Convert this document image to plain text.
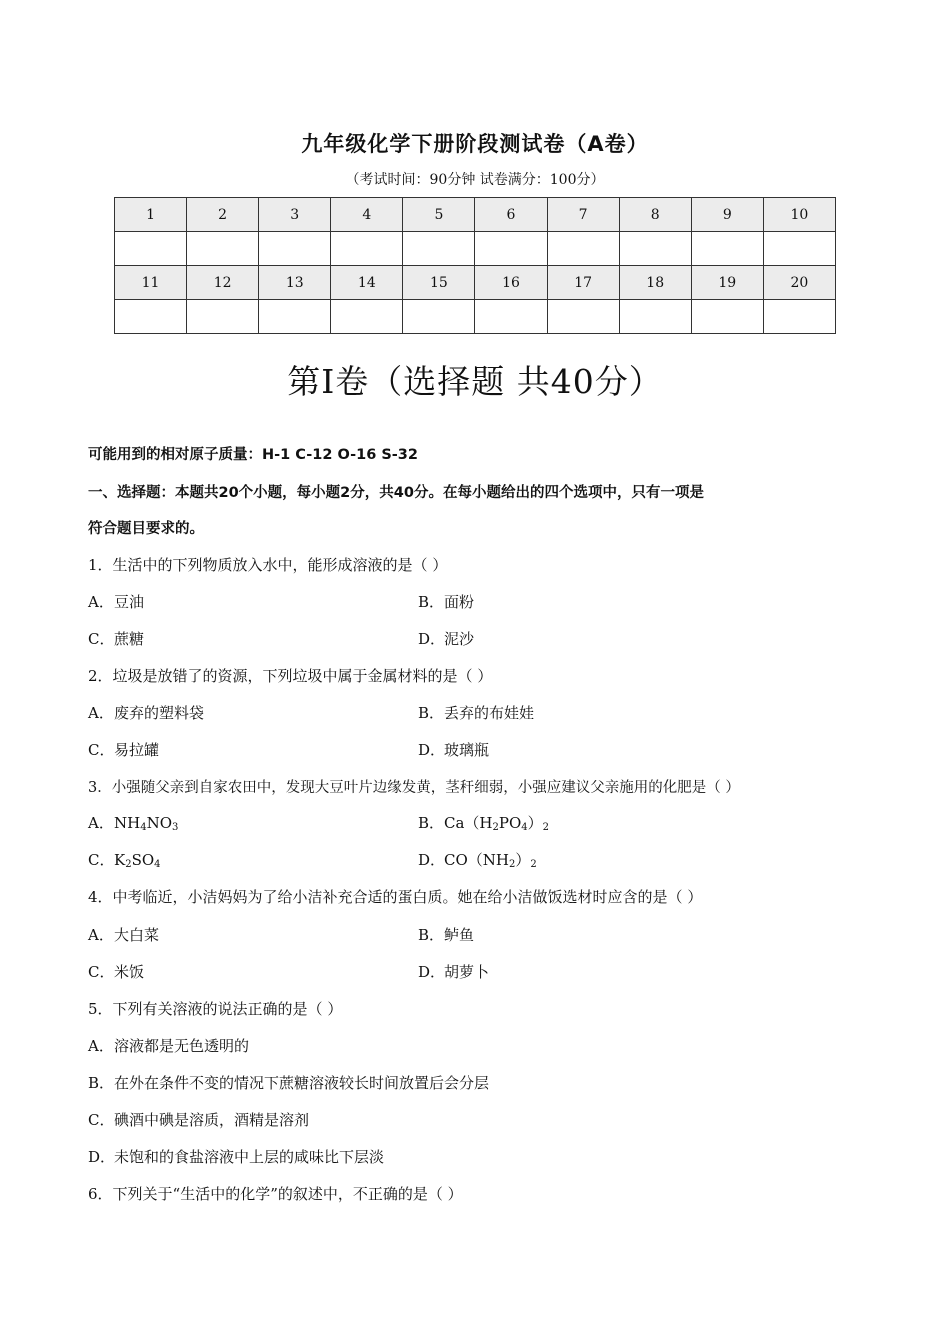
九年级化学下册阶段测试卷（A卷）
（考试时间：90分钟 试卷满分：100分）
1	2	3	4	5	6	7	8	9	10

11	12	13	14	15	16	17	18	19	20

第Ⅰ卷（选择题 共40分）
可能用到的相对原子质量：H-1 C-12 O-16 S-32
一、选择题：本题共20个小题，每小题2分，共40分。在每小题给出的四个选项中，只有一项是
符合题目要求的。
1．生活中的下列物质放入水中，能形成溶液的是（ ）
A．豆油	B．面粉
C．蔗糖	D．泥沙
2．垃圾是放错了的资源，下列垃圾中属于金属材料的是（ ）
A．废弃的塑料袋	B．丢弃的布娃娃
C．易拉罐	D．玻璃瓶
3．小强随父亲到自家农田中，发现大豆叶片边缘发黄，茎秆细弱，小强应建议父亲施用的化肥是（ ）
A．$NH_4NO_3$	B．$Ca(H_2PO_4)_2$
C．$K_2SO_4$	D．$CO(NH_2)_2$
4．中考临近，小洁妈妈为了给小洁补充合适的蛋白质。她在给小洁做饭选材时应含的是（ ）
A．大白菜	B．鲈鱼
C．米饭	D．胡萝卜
5．下列有关溶液的说法正确的是（ ）
A．溶液都是无色透明的
B．在外在条件不变的情况下蔗糖溶液较长时间放置后会分层
C．碘酒中碘是溶质，酒精是溶剂
D．未饱和的食盐溶液中上层的咸味比下层淡
6．下列关于“生活中的化学”的叙述中，不正确的是（ ）
